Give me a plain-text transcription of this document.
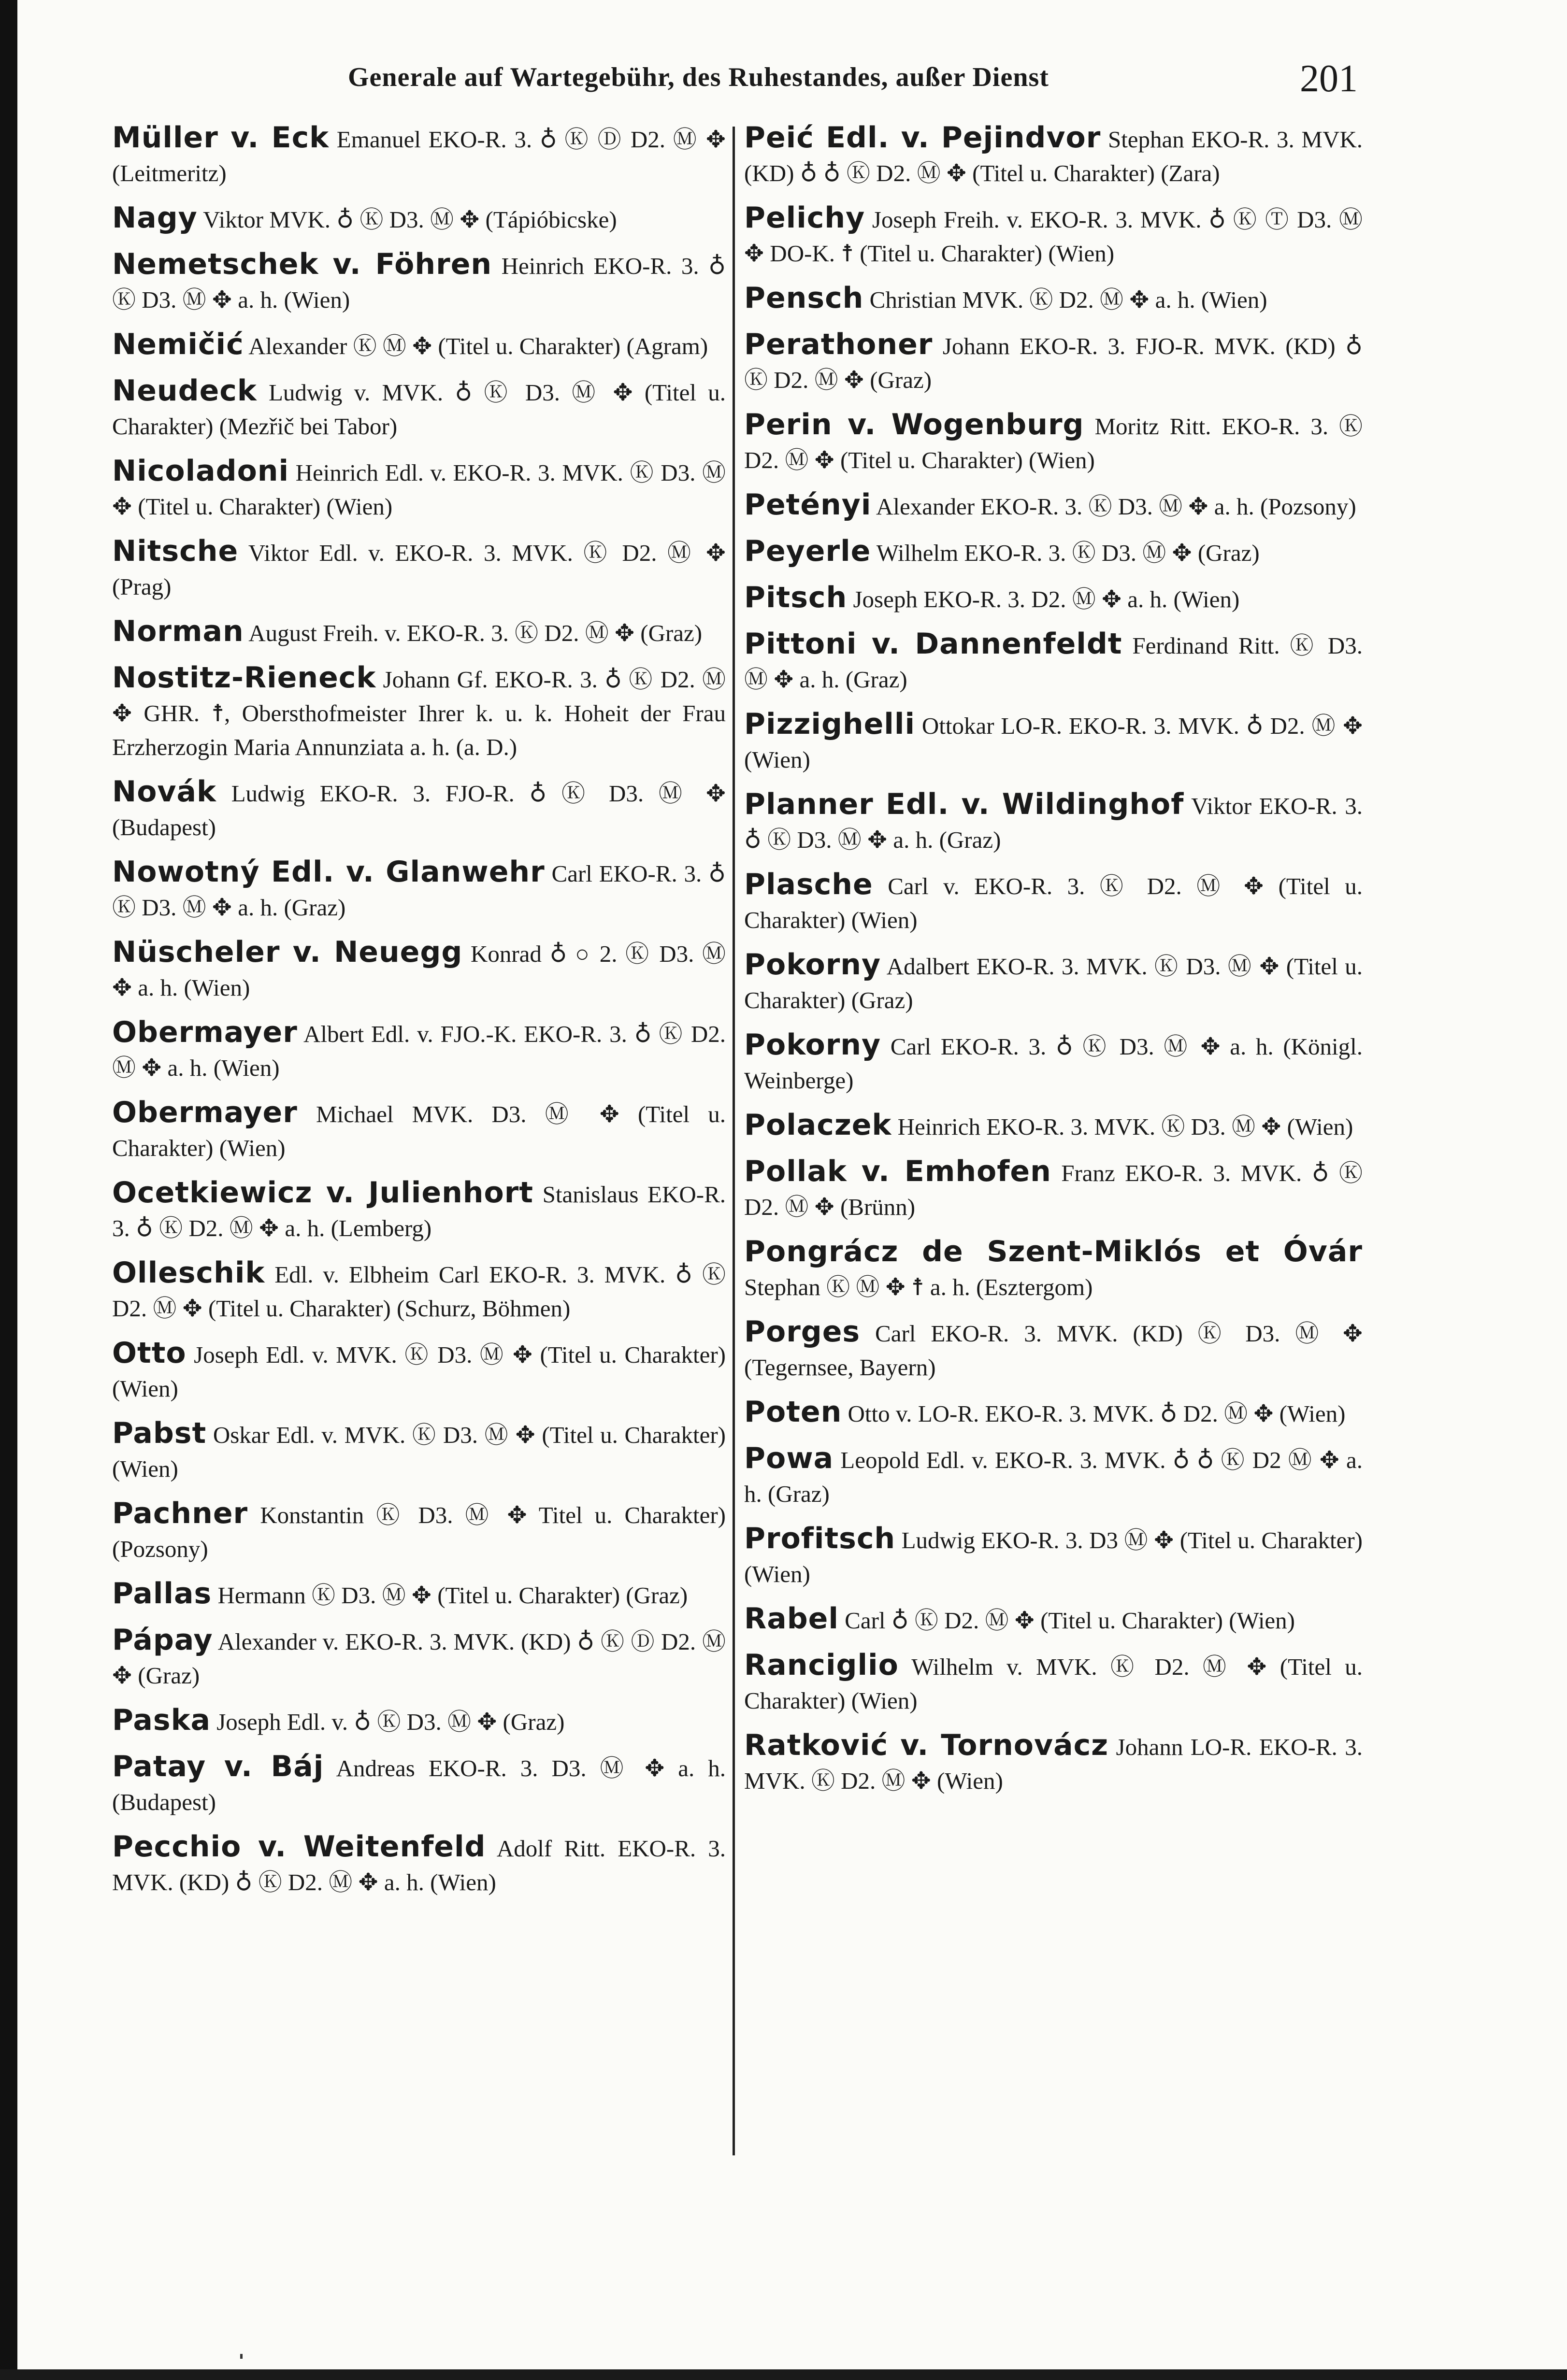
Generale auf Wartegebühr, des Ruhestandes, außer Dienst	201
Müller v. Eck Emanuel EKO-R. 3. ♁ Ⓚ Ⓓ D2. Ⓜ ✥ (Leitmeritz)
Nagy Viktor MVK. ♁ Ⓚ D3. Ⓜ ✥ (Tápióbicske)
Nemetschek v. Föhren Heinrich EKO-R. 3. ♁ Ⓚ D3. Ⓜ ✥ a. h. (Wien)
Nemičić Alexander Ⓚ Ⓜ ✥ (Titel u. Charakter) (Agram)
Neudeck Ludwig v. MVK. ♁ Ⓚ D3. Ⓜ ✥ (Titel u. Charakter) (Mezřič bei Tabor)
Nicoladoni Heinrich Edl. v. EKO-R. 3. MVK. Ⓚ D3. Ⓜ ✥ (Titel u. Charakter) (Wien)
Nitsche Viktor Edl. v. EKO-R. 3. MVK. Ⓚ D2. Ⓜ ✥ (Prag)
Norman August Freih. v. EKO-R. 3. Ⓚ D2. Ⓜ ✥ (Graz)
Nostitz-Rieneck Johann Gf. EKO-R. 3. ♁ Ⓚ D2. Ⓜ ✥ GHR. ☨, Obersthofmeister Ihrer k. u. k. Hoheit der Frau Erzherzogin Maria Annunziata a. h. (a. D.)
Novák Ludwig EKO-R. 3. FJO-R. ♁ Ⓚ D3. Ⓜ ✥ (Budapest)
Nowotný Edl. v. Glanwehr Carl EKO-R. 3. ♁ Ⓚ D3. Ⓜ ✥ a. h. (Graz)
Nüscheler v. Neuegg Konrad ♁ ○ 2. Ⓚ D3. Ⓜ ✥ a. h. (Wien)
Obermayer Albert Edl. v. FJO.-K. EKO-R. 3. ♁ Ⓚ D2. Ⓜ ✥ a. h. (Wien)
Obermayer Michael MVK. D3. Ⓜ ✥ (Titel u. Charakter) (Wien)
Ocetkiewicz v. Julienhort Stanislaus EKO-R. 3. ♁ Ⓚ D2. Ⓜ ✥ a. h. (Lemberg)
Olleschik Edl. v. Elbheim Carl EKO-R. 3. MVK. ♁ Ⓚ D2. Ⓜ ✥ (Titel u. Charakter) (Schurz, Böhmen)
Otto Joseph Edl. v. MVK. Ⓚ D3. Ⓜ ✥ (Titel u. Charakter) (Wien)
Pabst Oskar Edl. v. MVK. Ⓚ D3. Ⓜ ✥ (Titel u. Charakter) (Wien)
Pachner Konstantin Ⓚ D3. Ⓜ ✥ Titel u. Charakter) (Pozsony)
Pallas Hermann Ⓚ D3. Ⓜ ✥ (Titel u. Charakter) (Graz)
Pápay Alexander v. EKO-R. 3. MVK. (KD) ♁ Ⓚ Ⓓ D2. Ⓜ ✥ (Graz)
Paska Joseph Edl. v. ♁ Ⓚ D3. Ⓜ ✥ (Graz)
Patay v. Báj Andreas EKO-R. 3. D3. Ⓜ ✥ a. h. (Budapest)
Pecchio v. Weitenfeld Adolf Ritt. EKO-R. 3. MVK. (KD) ♁ Ⓚ D2. Ⓜ ✥ a. h. (Wien)
Peić Edl. v. Pejindvor Stephan EKO-R. 3. MVK. (KD) ♁ ♁ Ⓚ D2. Ⓜ ✥ (Titel u. Charakter) (Zara)
Pelichy Joseph Freih. v. EKO-R. 3. MVK. ♁ Ⓚ Ⓣ D3. Ⓜ ✥ DO-K. ☨ (Titel u. Charakter) (Wien)
Pensch Christian MVK. Ⓚ D2. Ⓜ ✥ a. h. (Wien)
Perathoner Johann EKO-R. 3. FJO-R. MVK. (KD) ♁ Ⓚ D2. Ⓜ ✥ (Graz)
Perin v. Wogenburg Moritz Ritt. EKO-R. 3. Ⓚ D2. Ⓜ ✥ (Titel u. Charakter) (Wien)
Petényi Alexander EKO-R. 3. Ⓚ D3. Ⓜ ✥ a. h. (Pozsony)
Peyerle Wilhelm EKO-R. 3. Ⓚ D3. Ⓜ ✥ (Graz)
Pitsch Joseph EKO-R. 3. D2. Ⓜ ✥ a. h. (Wien)
Pittoni v. Dannenfeldt Ferdinand Ritt. Ⓚ D3. Ⓜ ✥ a. h. (Graz)
Pizzighelli Ottokar LO-R. EKO-R. 3. MVK. ♁ D2. Ⓜ ✥ (Wien)
Planner Edl. v. Wildinghof Viktor EKO-R. 3. ♁ Ⓚ D3. Ⓜ ✥ a. h. (Graz)
Plasche Carl v. EKO-R. 3. Ⓚ D2. Ⓜ ✥ (Titel u. Charakter) (Wien)
Pokorny Adalbert EKO-R. 3. MVK. Ⓚ D3. Ⓜ ✥ (Titel u. Charakter) (Graz)
Pokorny Carl EKO-R. 3. ♁ Ⓚ D3. Ⓜ ✥ a. h. (Königl. Weinberge)
Polaczek Heinrich EKO-R. 3. MVK. Ⓚ D3. Ⓜ ✥ (Wien)
Pollak v. Emhofen Franz EKO-R. 3. MVK. ♁ Ⓚ D2. Ⓜ ✥ (Brünn)
Pongrácz de Szent-Miklós et Óvár Stephan Ⓚ Ⓜ ✥ ☨ a. h. (Esztergom)
Porges Carl EKO-R. 3. MVK. (KD) Ⓚ D3. Ⓜ ✥ (Tegernsee, Bayern)
Poten Otto v. LO-R. EKO-R. 3. MVK. ♁ D2. Ⓜ ✥ (Wien)
Powa Leopold Edl. v. EKO-R. 3. MVK. ♁ ♁ Ⓚ D2 Ⓜ ✥ a. h. (Graz)
Profitsch Ludwig EKO-R. 3. D3 Ⓜ ✥ (Titel u. Charakter) (Wien)
Rabel Carl ♁ Ⓚ D2. Ⓜ ✥ (Titel u. Charakter) (Wien)
Ranciglio Wilhelm v. MVK. Ⓚ D2. Ⓜ ✥ (Titel u. Charakter) (Wien)
Ratković v. Tornovácz Johann LO-R. EKO-R. 3. MVK. Ⓚ D2. Ⓜ ✥ (Wien)
